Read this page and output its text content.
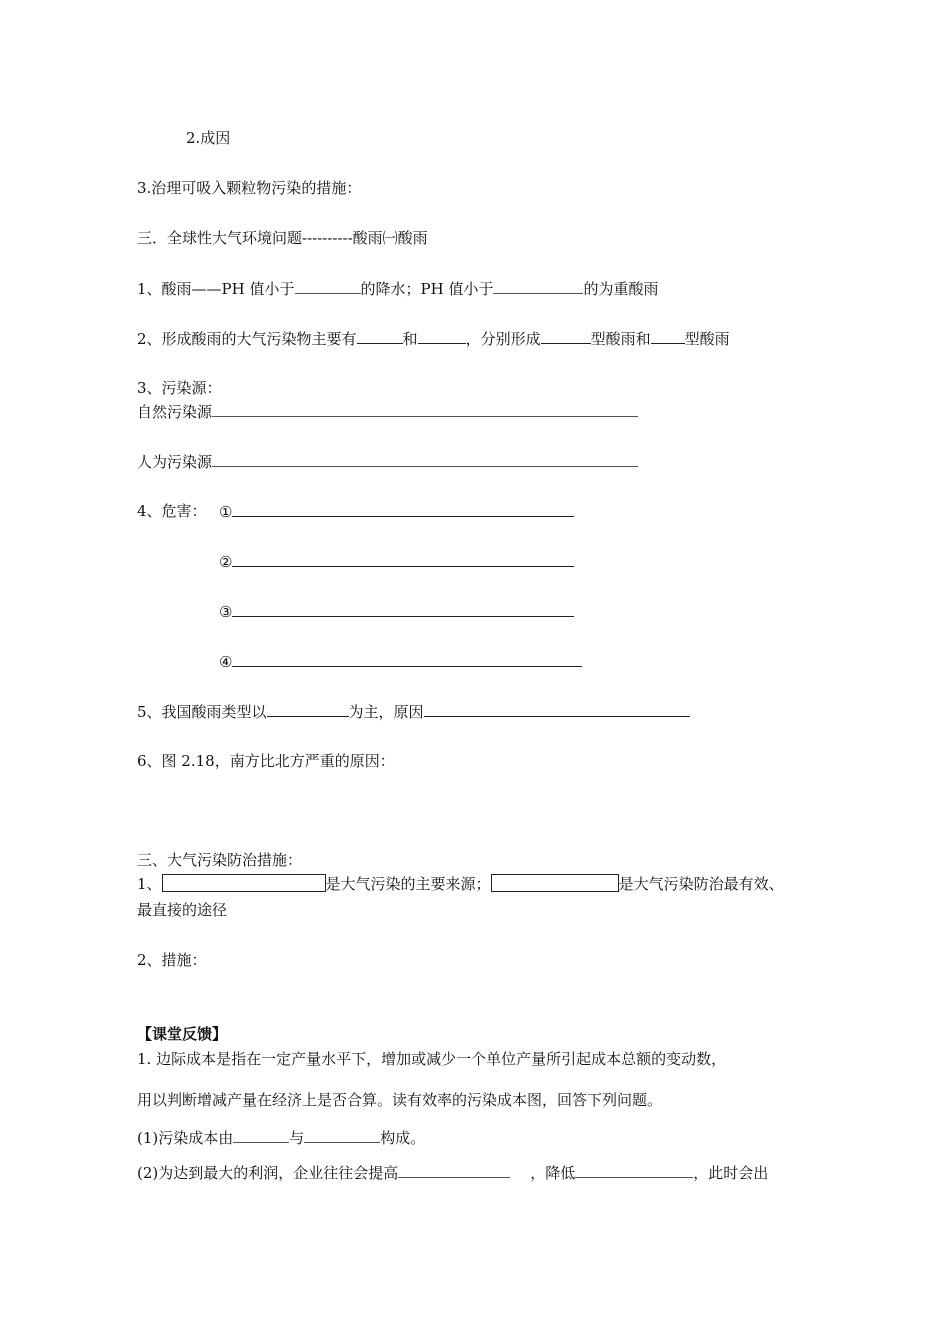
2.成因
3.治理可吸入颗粒物污染的措施：
三．全球性大气环境问题----------酸雨㈠酸雨
1、酸雨——PH 值小于	的降水；PH 值小于	的为重酸雨
2、形成酸雨的大气污染物主要有	和	，分别形成	型酸雨和 型酸雨
3、污染源：
自然污染源
人为污染源
4、危害： ①
②
③
④
5、我国酸雨类型以	为主，原因
6、图 2.18，南方比北方严重的原因：
三、大气污染防治措施：
1、	是大气污染的主要来源；	是大气污染防治最有效、
最直接的途径
2、措施：
【课堂反馈】
1. 边际成本是指在一定产量水平下，增加或减少一个单位产量所引起成本总额的变动数，
用以判断增减产量在经济上是否合算。读有效率的污染成本图，回答下列问题。
(1)污染成本由	与	构成。
(2)为达到最大的利润，企业往往会提高	，降低	，此时会出
